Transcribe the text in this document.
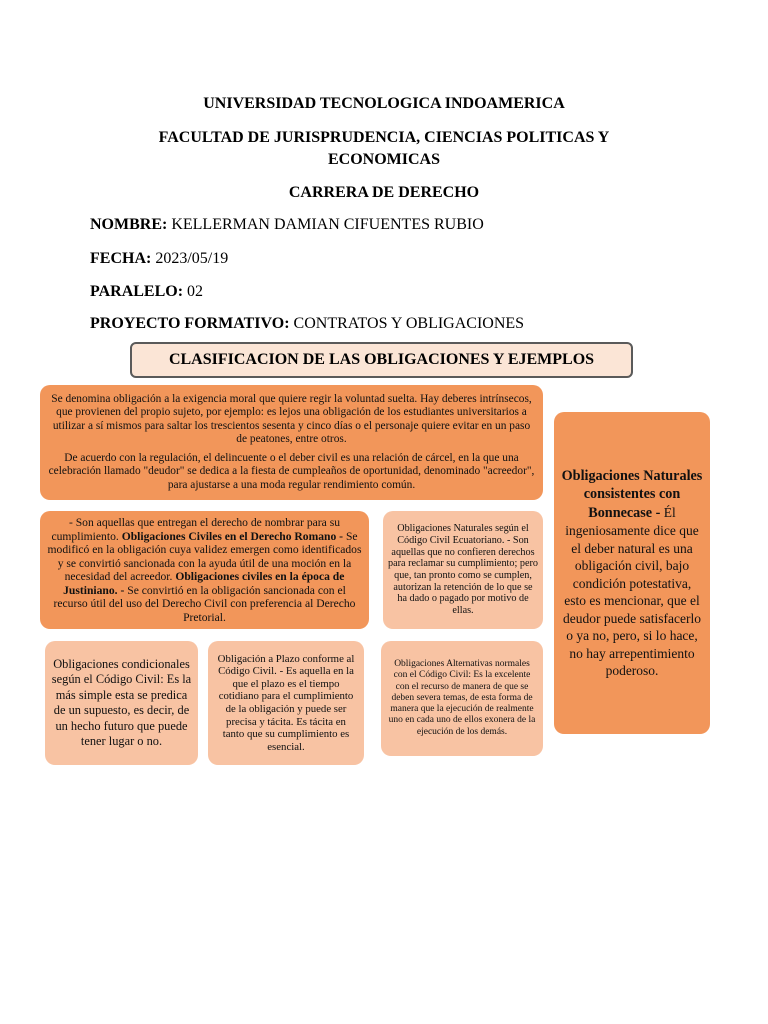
UNIVERSIDAD TECNOLOGICA INDOAMERICA
FACULTAD DE JURISPRUDENCIA, CIENCIAS POLITICAS Y
ECONOMICAS
CARRERA DE DERECHO
NOMBRE: KELLERMAN DAMIAN CIFUENTES RUBIO
FECHA: 2023/05/19
PARALELO: 02
PROYECTO FORMATIVO: CONTRATOS Y OBLIGACIONES
CLASIFICACION DE LAS OBLIGACIONES Y EJEMPLOS

Se denomina obligación a la exigencia moral que quiere regir la voluntad suelta. Hay deberes intrínsecos, que provienen del propio sujeto, por ejemplo: es lejos una obligación de los estudiantes universitarios a utilizar a sí mismos para saltar los trescientos sesenta y cinco días o el personaje quiere evitar en un paso de peatones, entre otros.

De acuerdo con la regulación, el delincuente o el deber civil es una relación de cárcel, en la que una celebración llamado "deudor" se dedica a la fiesta de cumpleaños de oportunidad, denominado "acreedor", para ajustarse a una moda regular rendimiento común.

- Son aquellas que entregan el derecho de nombrar para su cumplimiento. Obligaciones Civiles en el Derecho Romano - Se modificó en la obligación cuya validez emergen como identificados y se convirtió sancionada con la ayuda útil de una moción en la necesidad del acreedor. Obligaciones civiles en la época de Justiniano. - Se convirtió en la obligación sancionada con el recurso útil del uso del Derecho Civil con preferencia al Derecho Pretorial.

Obligaciones Naturales según el Código Civil Ecuatoriano. - Son aquellas que no confieren derechos para reclamar su cumplimiento; pero que, tan pronto como se cumplen, autorizan la retención de lo que se ha dado o pagado por motivo de ellas.

Obligaciones condicionales según el Código Civil: Es la más simple esta se predica de un supuesto, es decir, de un hecho futuro que puede tener lugar o no.

Obligación a Plazo conforme al Código Civil. - Es aquella en la que el plazo es el tiempo cotidiano para el cumplimiento de la obligación y puede ser precisa y tácita. Es tácita en tanto que su cumplimiento es esencial.

Obligaciones Alternativas normales con el Código Civil: Es la excelente con el recurso de manera de que se deben severa temas, de esta forma de manera que la ejecución de realmente uno en cada uno de ellos exonera de la ejecución de los demás.

Obligaciones Naturales consistentes con Bonnecase - Él ingeniosamente dice que el deber natural es una obligación civil, bajo condición potestativa, esto es mencionar, que el deudor puede satisfacerlo o ya no, pero, si lo hace, no hay arrepentimiento poderoso.
